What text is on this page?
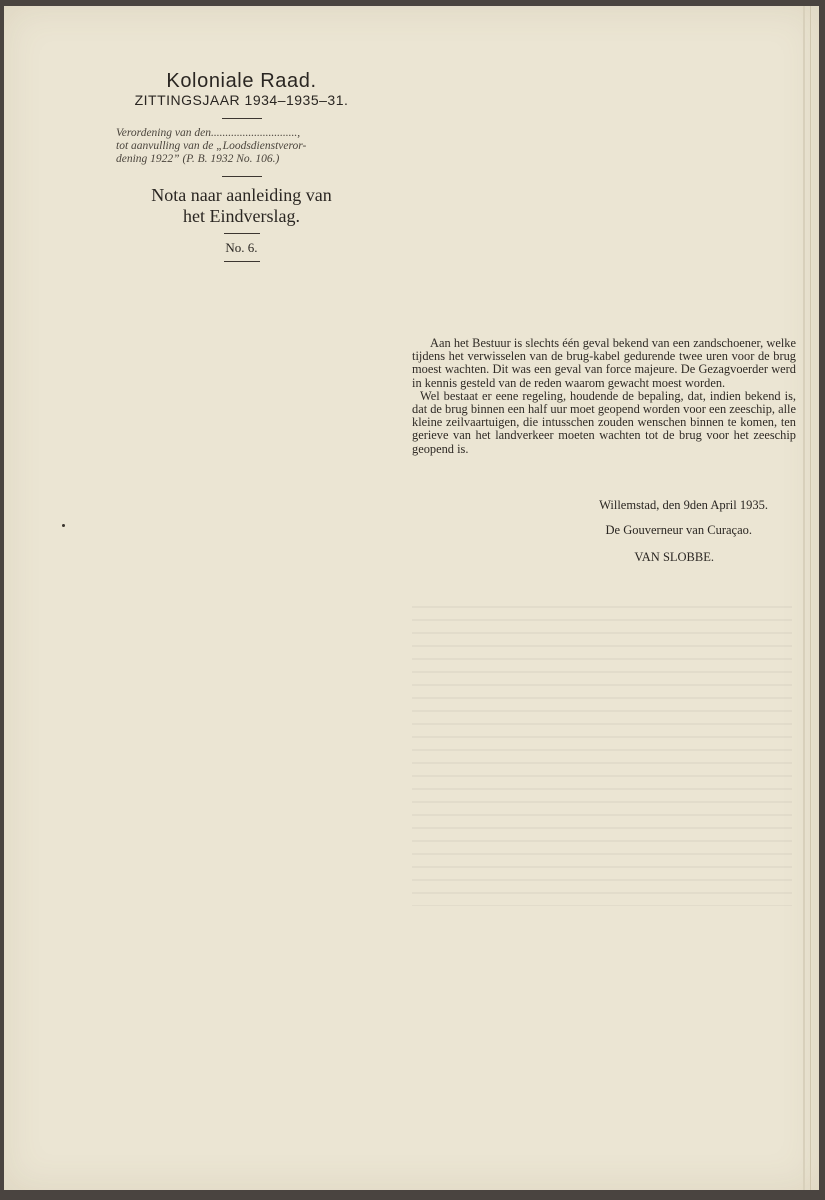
Koloniale Raad.
ZITTINGSJAAR 1934–1935–31.

Verordening van den..............................,

tot aanvulling van de „Loodsdienstveror-

dening 1922” (P. B. 1932 No. 106.)

Nota naar aanleiding van
het Eindverslag.
No. 6.

Aan het Bestuur is slechts één geval bekend van een zandschoener, welke tijdens het verwisselen van de brug-kabel gedurende twee uren voor de brug moest wachten. Dit was een geval van force majeure. De Gezagvoerder werd in kennis gesteld van de reden waarom gewacht moest worden.

Wel bestaat er eene regeling, houdende de bepaling, dat, indien bekend is, dat de brug binnen een half uur moet geopend worden voor een zeeschip, alle kleine zeilvaartuigen, die intusschen zouden wenschen binnen te komen, ten gerieve van het landverkeer moeten wachten tot de brug voor het zeeschip geopend is.

Willemstad, den 9den April 1935.
De Gouverneur van Curaçao.
VAN SLOBBE.
